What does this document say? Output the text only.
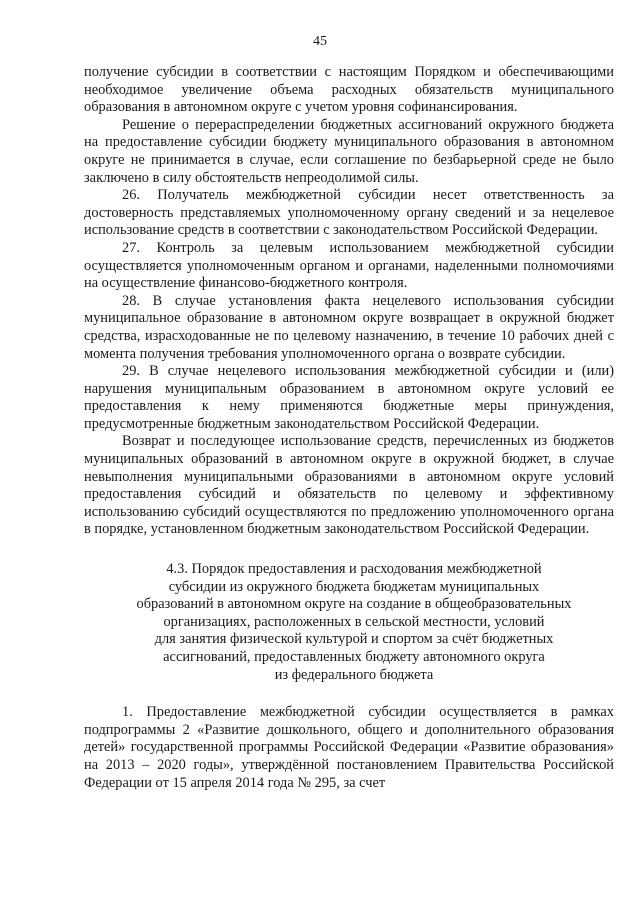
45

получение субсидии в соответствии с настоящим Порядком и обеспечивающими необходимое увеличение объема расходных обязательств муниципального образования в автономном округе с учетом уровня софинансирования.

Решение о перераспределении бюджетных ассигнований окружного бюджета на предоставление субсидии бюджету муниципального образования в автономном округе не принимается в случае, если соглашение по безбарьерной среде не было заключено в силу обстоятельств непреодолимой силы.

26. Получатель межбюджетной субсидии несет ответственность за достоверность представляемых уполномоченному органу сведений и за нецелевое использование средств в соответствии с законодательством Российской Федерации.

27. Контроль за целевым использованием межбюджетной субсидии осуществляется уполномоченным органом и органами, наделенными полномочиями на осуществление финансово-бюджетного контроля.

28. В случае установления факта нецелевого использования субсидии муниципальное образование в автономном округе возвращает в окружной бюджет средства, израсходованные не по целевому назначению, в течение 10 рабочих дней с момента получения требования уполномоченного органа о возврате субсидии.

29. В случае нецелевого использования межбюджетной субсидии и (или) нарушения муниципальным образованием в автономном округе условий ее предоставления к нему применяются бюджетные меры принуждения, предусмотренные бюджетным законодательством Российской Федерации.

Возврат и последующее использование средств, перечисленных из бюджетов муниципальных образований в автономном округе в окружной бюджет, в случае невыполнения муниципальными образованиями в автономном округе условий предоставления субсидий и обязательств по целевому и эффективному использованию субсидий осуществляются по предложению уполномоченного органа в порядке, установленном бюджетным законодательством Российской Федерации.

4.3. Порядок предоставления и расходования межбюджетной
субсидии из окружного бюджета бюджетам муниципальных
образований в автономном округе на создание в общеобразовательных
организациях, расположенных в сельской местности, условий
для занятия физической культурой и спортом за счёт бюджетных
ассигнований, предоставленных бюджету автономного округа
из федерального бюджета

1. Предоставление межбюджетной субсидии осуществляется в рамках подпрограммы 2 «Развитие дошкольного, общего и дополнительного образования детей» государственной программы Российской Федерации «Развитие образования» на 2013 – 2020 годы», утверждённой постановлением Правительства Российской Федерации от 15 апреля 2014 года № 295, за счет
